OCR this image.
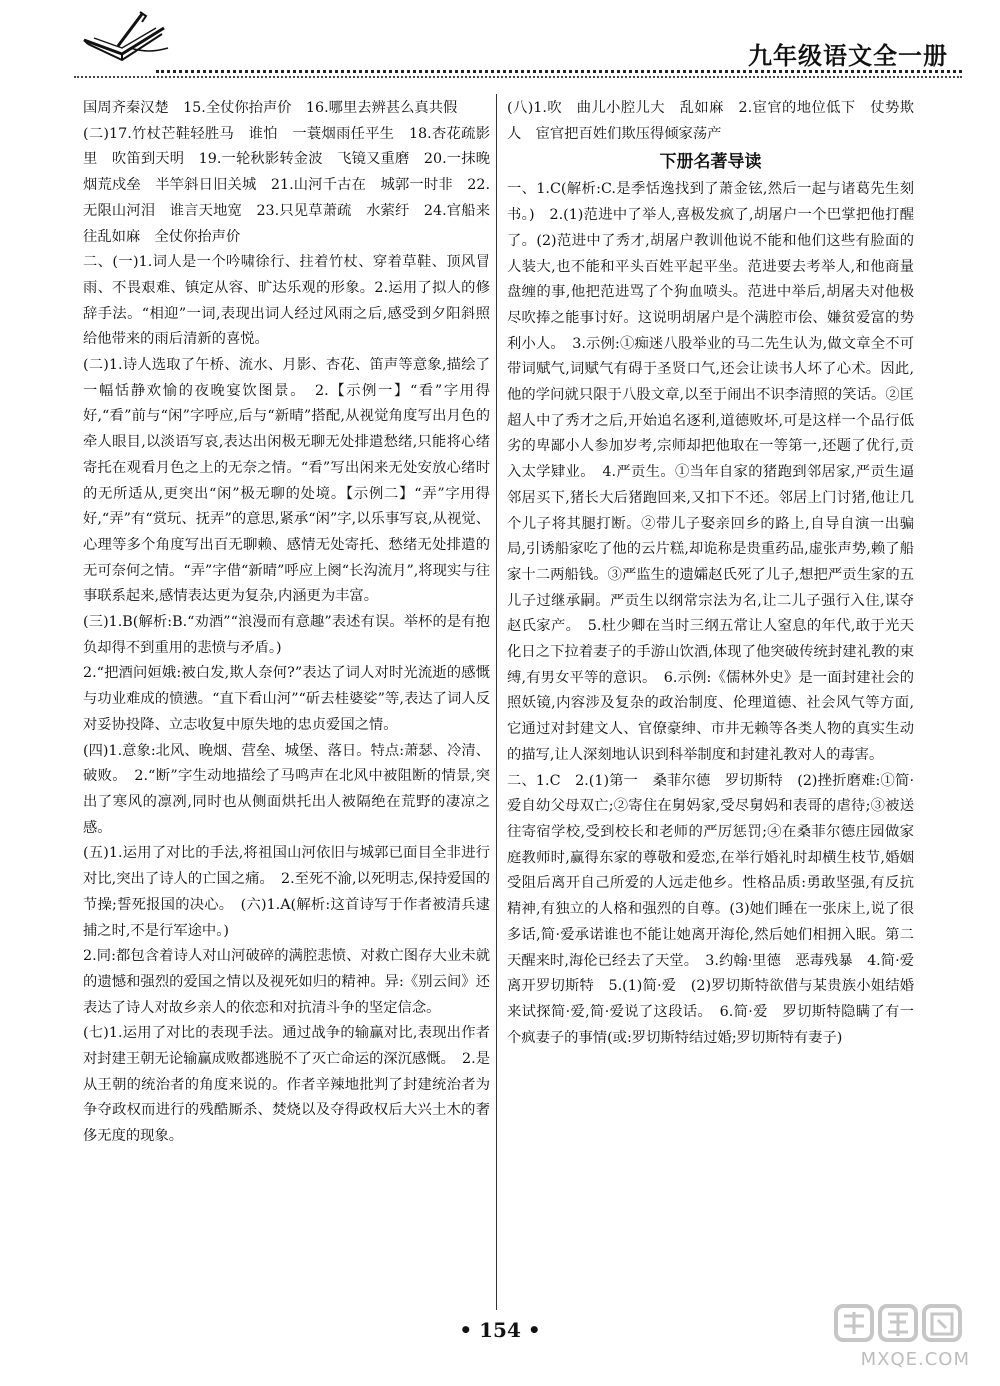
九年级语文全一册

国周齐秦汉楚　15.全仗你抬声价　16.哪里去辨甚么真共假

(二)17.竹杖芒鞋轻胜马　谁怕　一蓑烟雨任平生　18.杏花疏影里　吹笛到天明　19.一轮秋影转金波　飞镜又重磨　20.一抹晚烟荒戍垒　半竿斜日旧关城　21.山河千古在　城郭一时非　22.无限山河泪　谁言天地宽　23.只见草萧疏　水萦纡　24.官船来往乱如麻　全仗你抬声价

二、(一)1.词人是一个吟啸徐行、拄着竹杖、穿着草鞋、顶风冒雨、不畏艰难、镇定从容、旷达乐观的形象。2.运用了拟人的修辞手法。“相迎”一词,表现出词人经过风雨之后,感受到夕阳斜照给他带来的雨后清新的喜悦。

(二)1.诗人选取了午桥、流水、月影、杏花、笛声等意象,描绘了一幅恬静欢愉的夜晚宴饮图景。　2.【示例一】“看”字用得好,“看”前与“闲”字呼应,后与“新晴”搭配,从视觉角度写出月色的牵人眼目,以淡语写哀,表达出闲极无聊无处排遣愁绪,只能将心绪寄托在观看月色之上的无奈之情。“看”写出闲来无处安放心绪时的无所适从,更突出“闲”极无聊的处境。【示例二】“弄”字用得好,“弄”有“赏玩、抚弄”的意思,紧承“闲”字,以乐事写哀,从视觉、心理等多个角度写出百无聊赖、感情无处寄托、愁绪无处排遣的无可奈何之情。“弄”字借“新晴”呼应上阕“长沟流月”,将现实与往事联系起来,感情表达更为复杂,内涵更为丰富。

(三)1.B(解析:B.“劝酒”“浪漫而有意趣”表述有误。举杯的是有抱负却得不到重用的悲愤与矛盾。)

2.“把酒问姮娥:被白发,欺人奈何?”表达了词人对时光流逝的感慨与功业难成的愤懑。“直下看山河”“斫去桂婆娑”等,表达了词人反对妥协投降、立志收复中原失地的忠贞爱国之情。

(四)1.意象:北风、晚烟、营垒、城堡、落日。特点:萧瑟、冷清、破败。　2.“断”字生动地描绘了马鸣声在北风中被阻断的情景,突出了寒风的凛冽,同时也从侧面烘托出人被隔绝在荒野的凄凉之感。

(五)1.运用了对比的手法,将祖国山河依旧与城郭已面目全非进行对比,突出了诗人的亡国之痛。　2.至死不渝,以死明志,保持爱国的节操;誓死报国的决心。　(六)1.A(解析:这首诗写于作者被清兵逮捕之时,不是行军途中。)

2.同:都包含着诗人对山河破碎的满腔悲愤、对救亡图存大业未就的遗憾和强烈的爱国之情以及视死如归的精神。异:《别云间》还表达了诗人对故乡亲人的依恋和对抗清斗争的坚定信念。

(七)1.运用了对比的表现手法。通过战争的输赢对比,表现出作者对封建王朝无论输赢成败都逃脱不了灭亡命运的深沉感慨。　2.是从王朝的统治者的角度来说的。作者辛辣地批判了封建统治者为争夺政权而进行的残酷厮杀、焚烧以及夺得政权后大兴土木的奢侈无度的现象。

(八)1.吹　曲儿小腔儿大　乱如麻　2.宦官的地位低下　仗势欺人　宦官把百姓们欺压得倾家荡产

下册名著导读

一、1.C(解析:C.是季恬逸找到了萧金铉,然后一起与诸葛先生刻书。)　2.(1)范进中了举人,喜极发疯了,胡屠户一个巴掌把他打醒了。(2)范进中了秀才,胡屠户教训他说不能和他们这些有脸面的人装大,也不能和平头百姓平起平坐。范进要去考举人,和他商量盘缠的事,他把范进骂了个狗血喷头。范进中举后,胡屠夫对他极尽吹捧之能事讨好。这说明胡屠户是个满腔市侩、嫌贫爱富的势利小人。　3.示例:①痴迷八股举业的马二先生认为,做文章全不可带词赋气,词赋气有碍于圣贤口气,还会让读书人坏了心术。因此,他的学问就只限于八股文章,以至于闹出不识李清照的笑话。②匡超人中了秀才之后,开始追名逐利,道德败坏,可是这样一个品行低劣的卑鄙小人参加岁考,宗师却把他取在一等第一,还题了优行,贡入太学肄业。　4.严贡生。①当年自家的猪跑到邻居家,严贡生逼邻居买下,猪长大后猪跑回来,又扣下不还。邻居上门讨猪,他让几个儿子将其腿打断。②带儿子娶亲回乡的路上,自导自演一出骗局,引诱船家吃了他的云片糕,却诡称是贵重药品,虚张声势,赖了船家十二两船钱。③严监生的遗孀赵氏死了儿子,想把严贡生家的五儿子过继承嗣。严贡生以纲常宗法为名,让二儿子强行入住,谋夺赵氏家产。　5.杜少卿在当时三纲五常让人窒息的年代,敢于光天化日之下拉着妻子的手游山饮酒,体现了他突破传统封建礼教的束缚,有男女平等的意识。　6.示例:《儒林外史》是一面封建社会的照妖镜,内容涉及复杂的政治制度、伦理道德、社会风气等方面,它通过对封建文人、官僚豪绅、市井无赖等各类人物的真实生动的描写,让人深刻地认识到科举制度和封建礼教对人的毒害。

二、1.C　2.(1)第一　桑菲尔德　罗切斯特　(2)挫折磨难:①简·爱自幼父母双亡;②寄住在舅妈家,受尽舅妈和表哥的虐待;③被送往寄宿学校,受到校长和老师的严厉惩罚;④在桑菲尔德庄园做家庭教师时,赢得东家的尊敬和爱恋,在举行婚礼时却横生枝节,婚姻受阻后离开自己所爱的人远走他乡。性格品质:勇敢坚强,有反抗精神,有独立的人格和强烈的自尊。(3)她们睡在一张床上,说了很多话,简·爱承诺谁也不能让她离开海伦,然后她们相拥入眠。第二天醒来时,海伦已经去了天堂。　3.约翰·里德　恶毒残暴　4.简·爱　离开罗切斯特　5.(1)简·爱　(2)罗切斯特欲借与某贵族小姐结婚来试探简·爱,简·爱说了这段话。　6.简·爱　罗切斯特隐瞒了有一个疯妻子的事情(或:罗切斯特结过婚;罗切斯特有妻子)

• 154 •
MXQE.COM
